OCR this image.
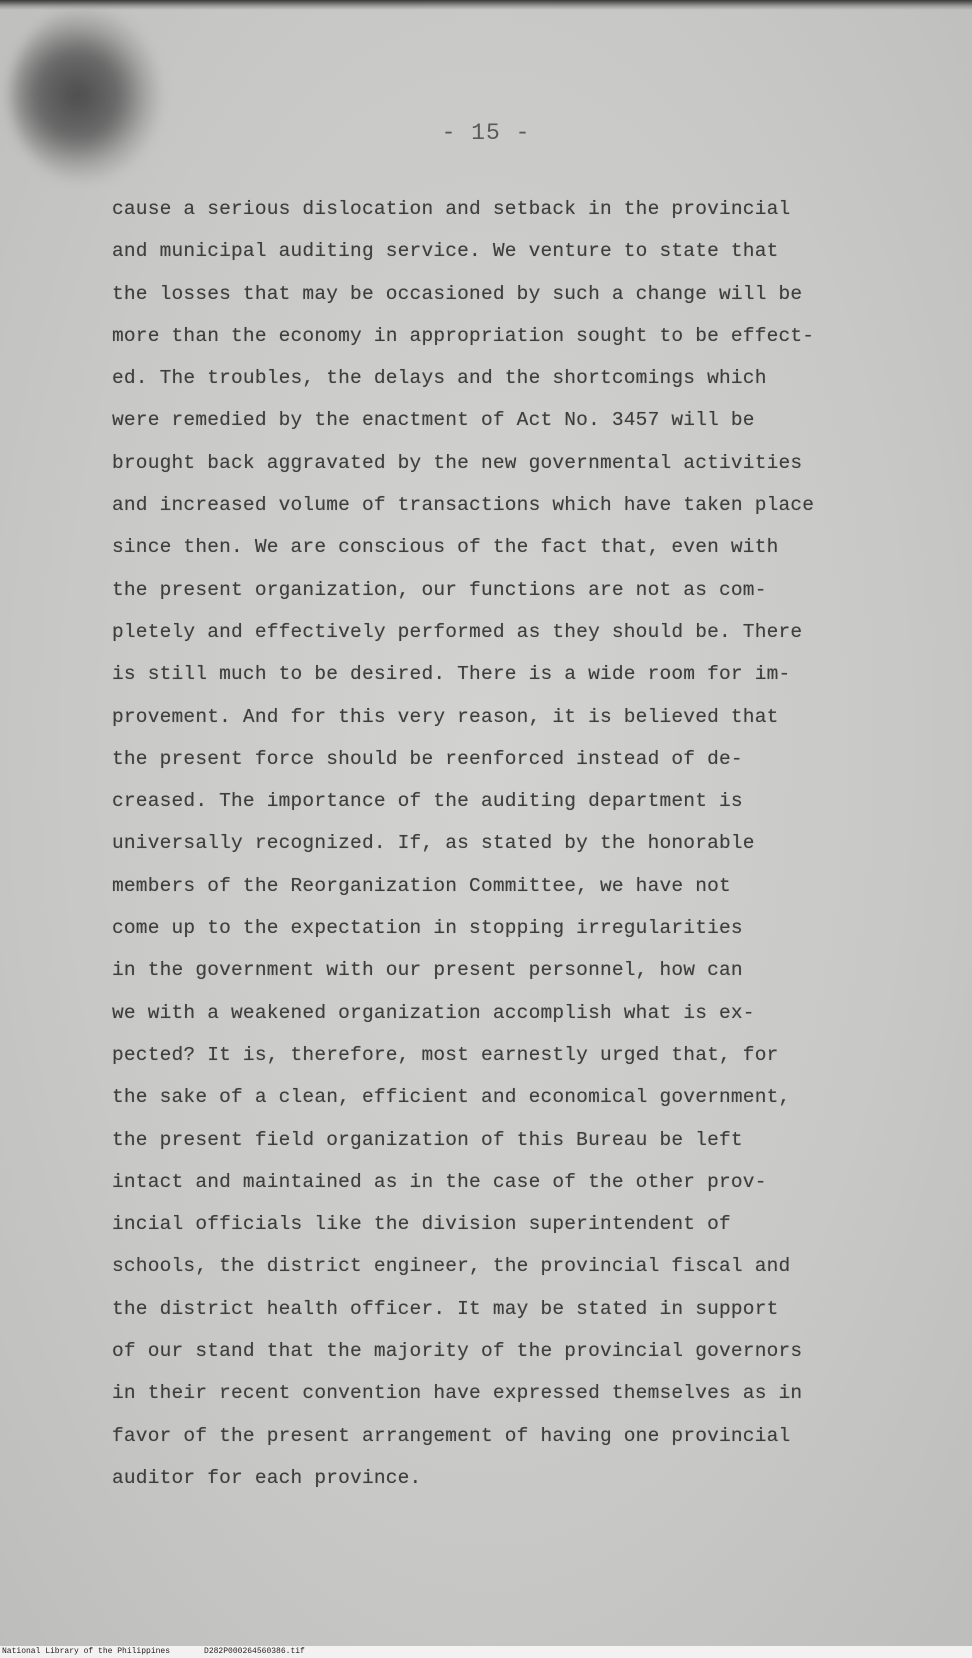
- 15 -
cause a serious dislocation and setback in the provincial
and municipal auditing service. We venture to state that
the losses that may be occasioned by such a change will be
more than the economy in appropriation sought to be effect-
ed. The troubles, the delays and the shortcomings which
were remedied by the enactment of Act No. 3457 will be
brought back aggravated by the new governmental activities
and increased volume of transactions which have taken place
since then. We are conscious of the fact that, even with
the present organization, our functions are not as com-
pletely and effectively performed as they should be. There
is still much to be desired. There is a wide room for im-
provement. And for this very reason, it is believed that
the present force should be reenforced instead of de-
creased. The importance of the auditing department is
universally recognized. If, as stated by the honorable
members of the Reorganization Committee, we have not
come up to the expectation in stopping irregularities
in the government with our present personnel, how can
we with a weakened organization accomplish what is ex-
pected? It is, therefore, most earnestly urged that, for
the sake of a clean, efficient and economical government,
the present field organization of this Bureau be left
intact and maintained as in the case of the other prov-
incial officials like the division superintendent of
schools, the district engineer, the provincial fiscal and
the district health officer. It may be stated in support
of our stand that the majority of the provincial governors
in their recent convention have expressed themselves as in
favor of the present arrangement of having one provincial
auditor for each province.
National Library of the Philippines	D282P000264560386.tif
